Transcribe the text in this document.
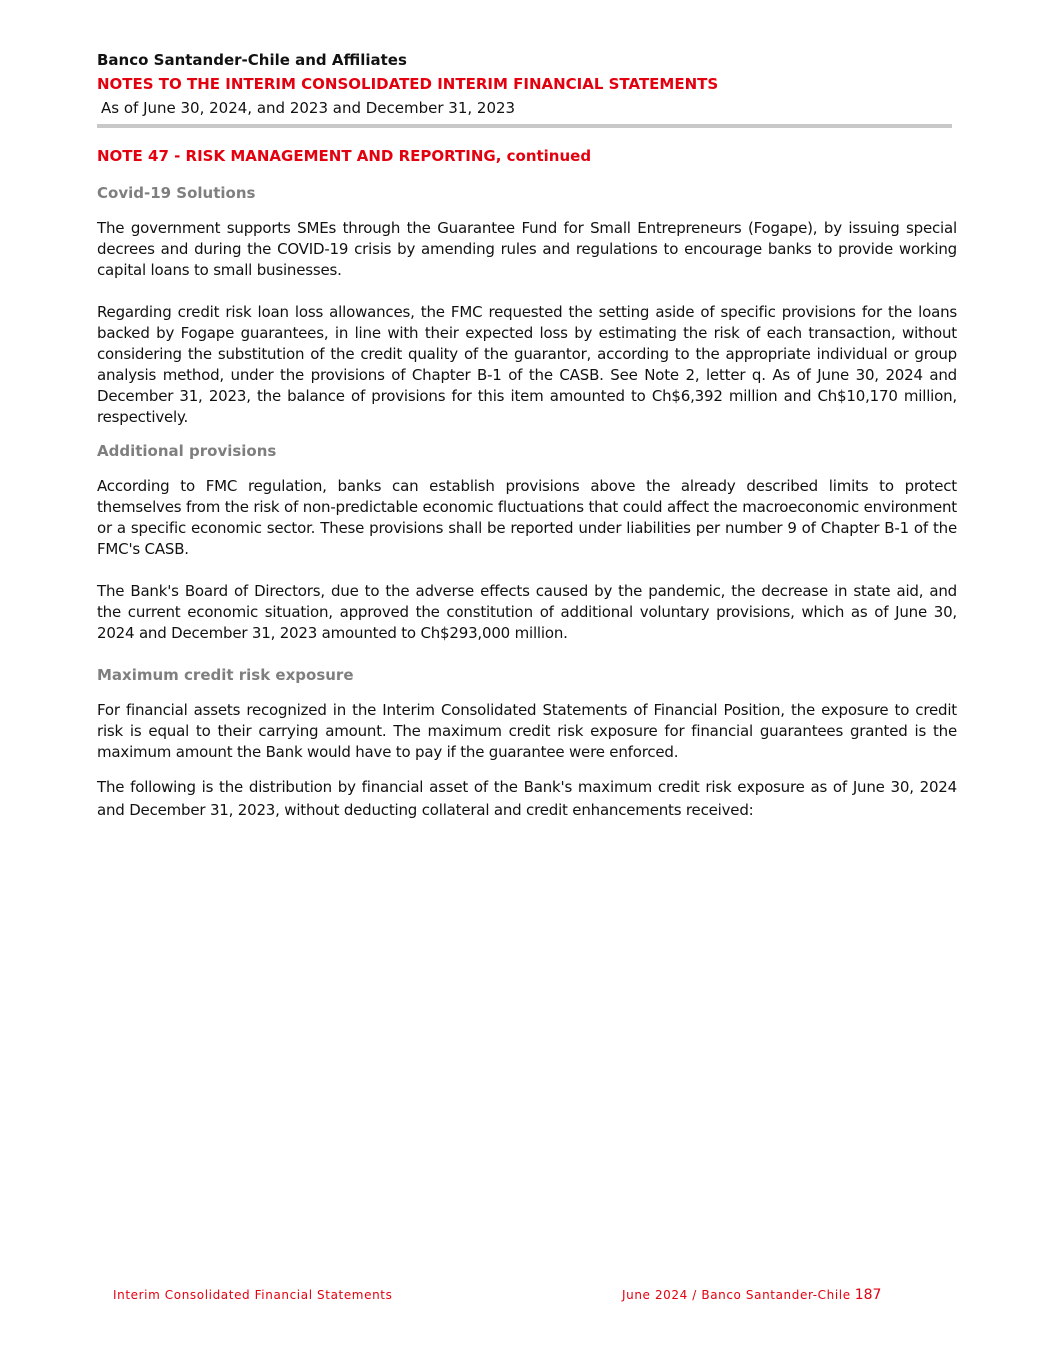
Banco Santander-Chile and Affiliates
NOTES TO THE INTERIM CONSOLIDATED INTERIM FINANCIAL STATEMENTS
As of June 30, 2024, and 2023 and December 31, 2023
NOTE 47 - RISK MANAGEMENT AND REPORTING, continued
Covid-19 Solutions

The government supports SMEs through the Guarantee Fund for Small Entrepreneurs (Fogape), by issuing special decrees and during the COVID-19 crisis by amending rules and regulations to encourage banks to provide working capital loans to small businesses.

Regarding credit risk loan loss allowances, the FMC requested the setting aside of specific provisions for the loans backed by Fogape guarantees, in line with their expected loss by estimating the risk of each transaction, without considering the substitution of the credit quality of the guarantor, according to the appropriate individual or group analysis method, under the provisions of Chapter B-1 of the CASB. See Note 2, letter q. As of June 30, 2024 and December 31, 2023, the balance of provisions for this item amounted to Ch$6,392 million and Ch$10,170 million, respectively.

Additional provisions

According to FMC regulation, banks can establish provisions above the already described limits to protect themselves from the risk of non-predictable economic fluctuations that could affect the macroeconomic environment or a specific economic sector. These provisions shall be reported under liabilities per number 9 of Chapter B-1 of the FMC's CASB.

The Bank's Board of Directors, due to the adverse effects caused by the pandemic, the decrease in state aid, and the current economic situation, approved the constitution of additional voluntary provisions, which as of June 30, 2024 and December 31, 2023 amounted to Ch$293,000 million.

Maximum credit risk exposure

For financial assets recognized in the Interim Consolidated Statements of Financial Position, the exposure to credit risk is equal to their carrying amount. The maximum credit risk exposure for financial guarantees granted is the maximum amount the Bank would have to pay if the guarantee were enforced.

The following is the distribution by financial asset of the Bank's maximum credit risk exposure as of June 30, 2024 and December 31, 2023, without deducting collateral and credit enhancements received:

Interim Consolidated Financial Statements	June 2024 / Banco Santander-Chile 187
